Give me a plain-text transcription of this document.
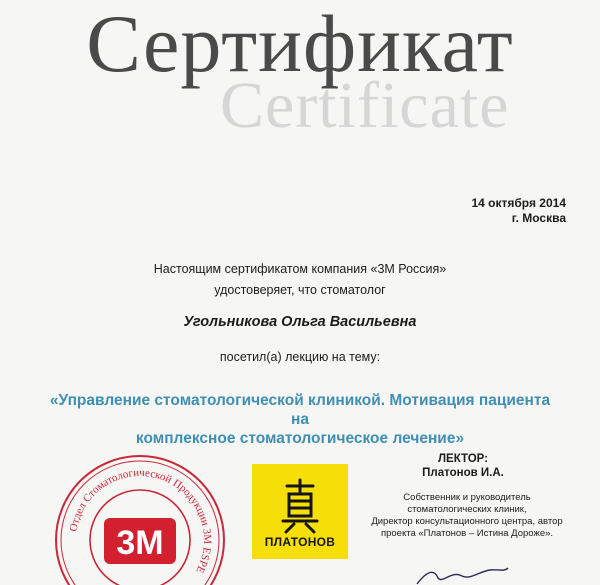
Certificate
Сертификат
14 октября 2014
г. Москва
Настоящим сертификатом компания «3М Россия»
удостоверяет, что стоматолог
Угольникова Ольга Васильевна
посетил(а) лекцию на тему:
«Управление стоматологической клиникой. Мотивация пациента на
комплексное стоматологическое лечение»
ЛЕКТОР:
Платонов И.А.
Собственник и руководитель
стоматологических клиник,
Директор консультационного центра, автор
проекта «Платонов – Истина Дороже».
Отдел Стоматологической Продукции 3M ESPE
3M	ПЛАТОНОВ
